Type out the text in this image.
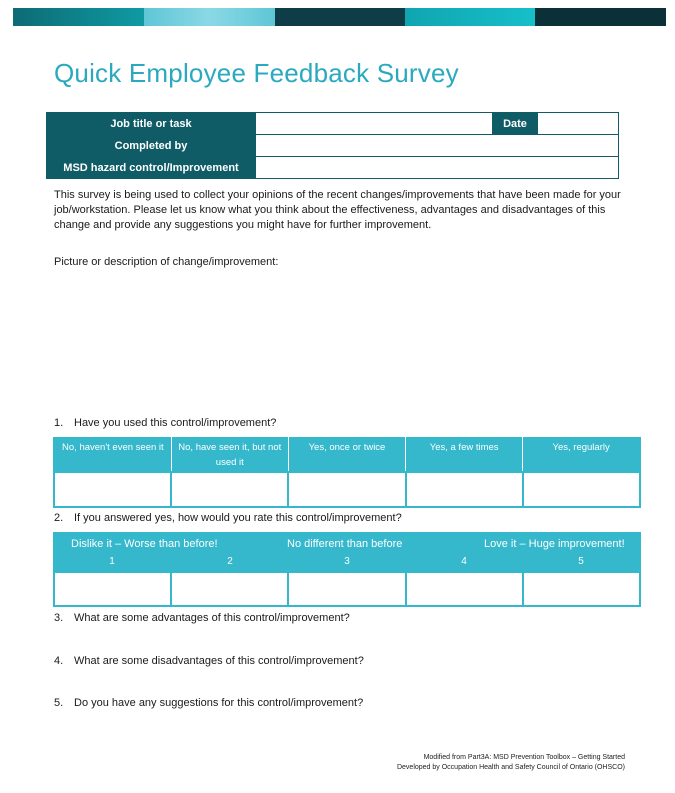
Quick Employee Feedback Survey
Job title or task		Date	
Completed by			
MSD hazard control/Improvement			
This survey is being used to collect your opinions of the recent changes/improvements that have been made for your job/workstation. Please let us know what you think about the effectiveness, advantages and disadvantages of this change and provide any suggestions you might have for further improvement.
Picture or description of change/improvement:
1. Have you used this control/improvement?
No, haven't even seen it	No, have seen it, but not used it	Yes, once or twice	Yes, a few times	Yes, regularly

2. If you answered yes, how would you rate this control/improvement?
Dislike it – Worse than before!	No different than before	Love it – Huge improvement!
1	2	3	4	5

3. What are some advantages of this control/improvement?
4. What are some disadvantages of this control/improvement?
5. Do you have any suggestions for this control/improvement?
Modified from Part3A: MSD Prevention Toolbox – Getting Started
Developed by Occupation Health and Safety Council of Ontario (OHSCO)
